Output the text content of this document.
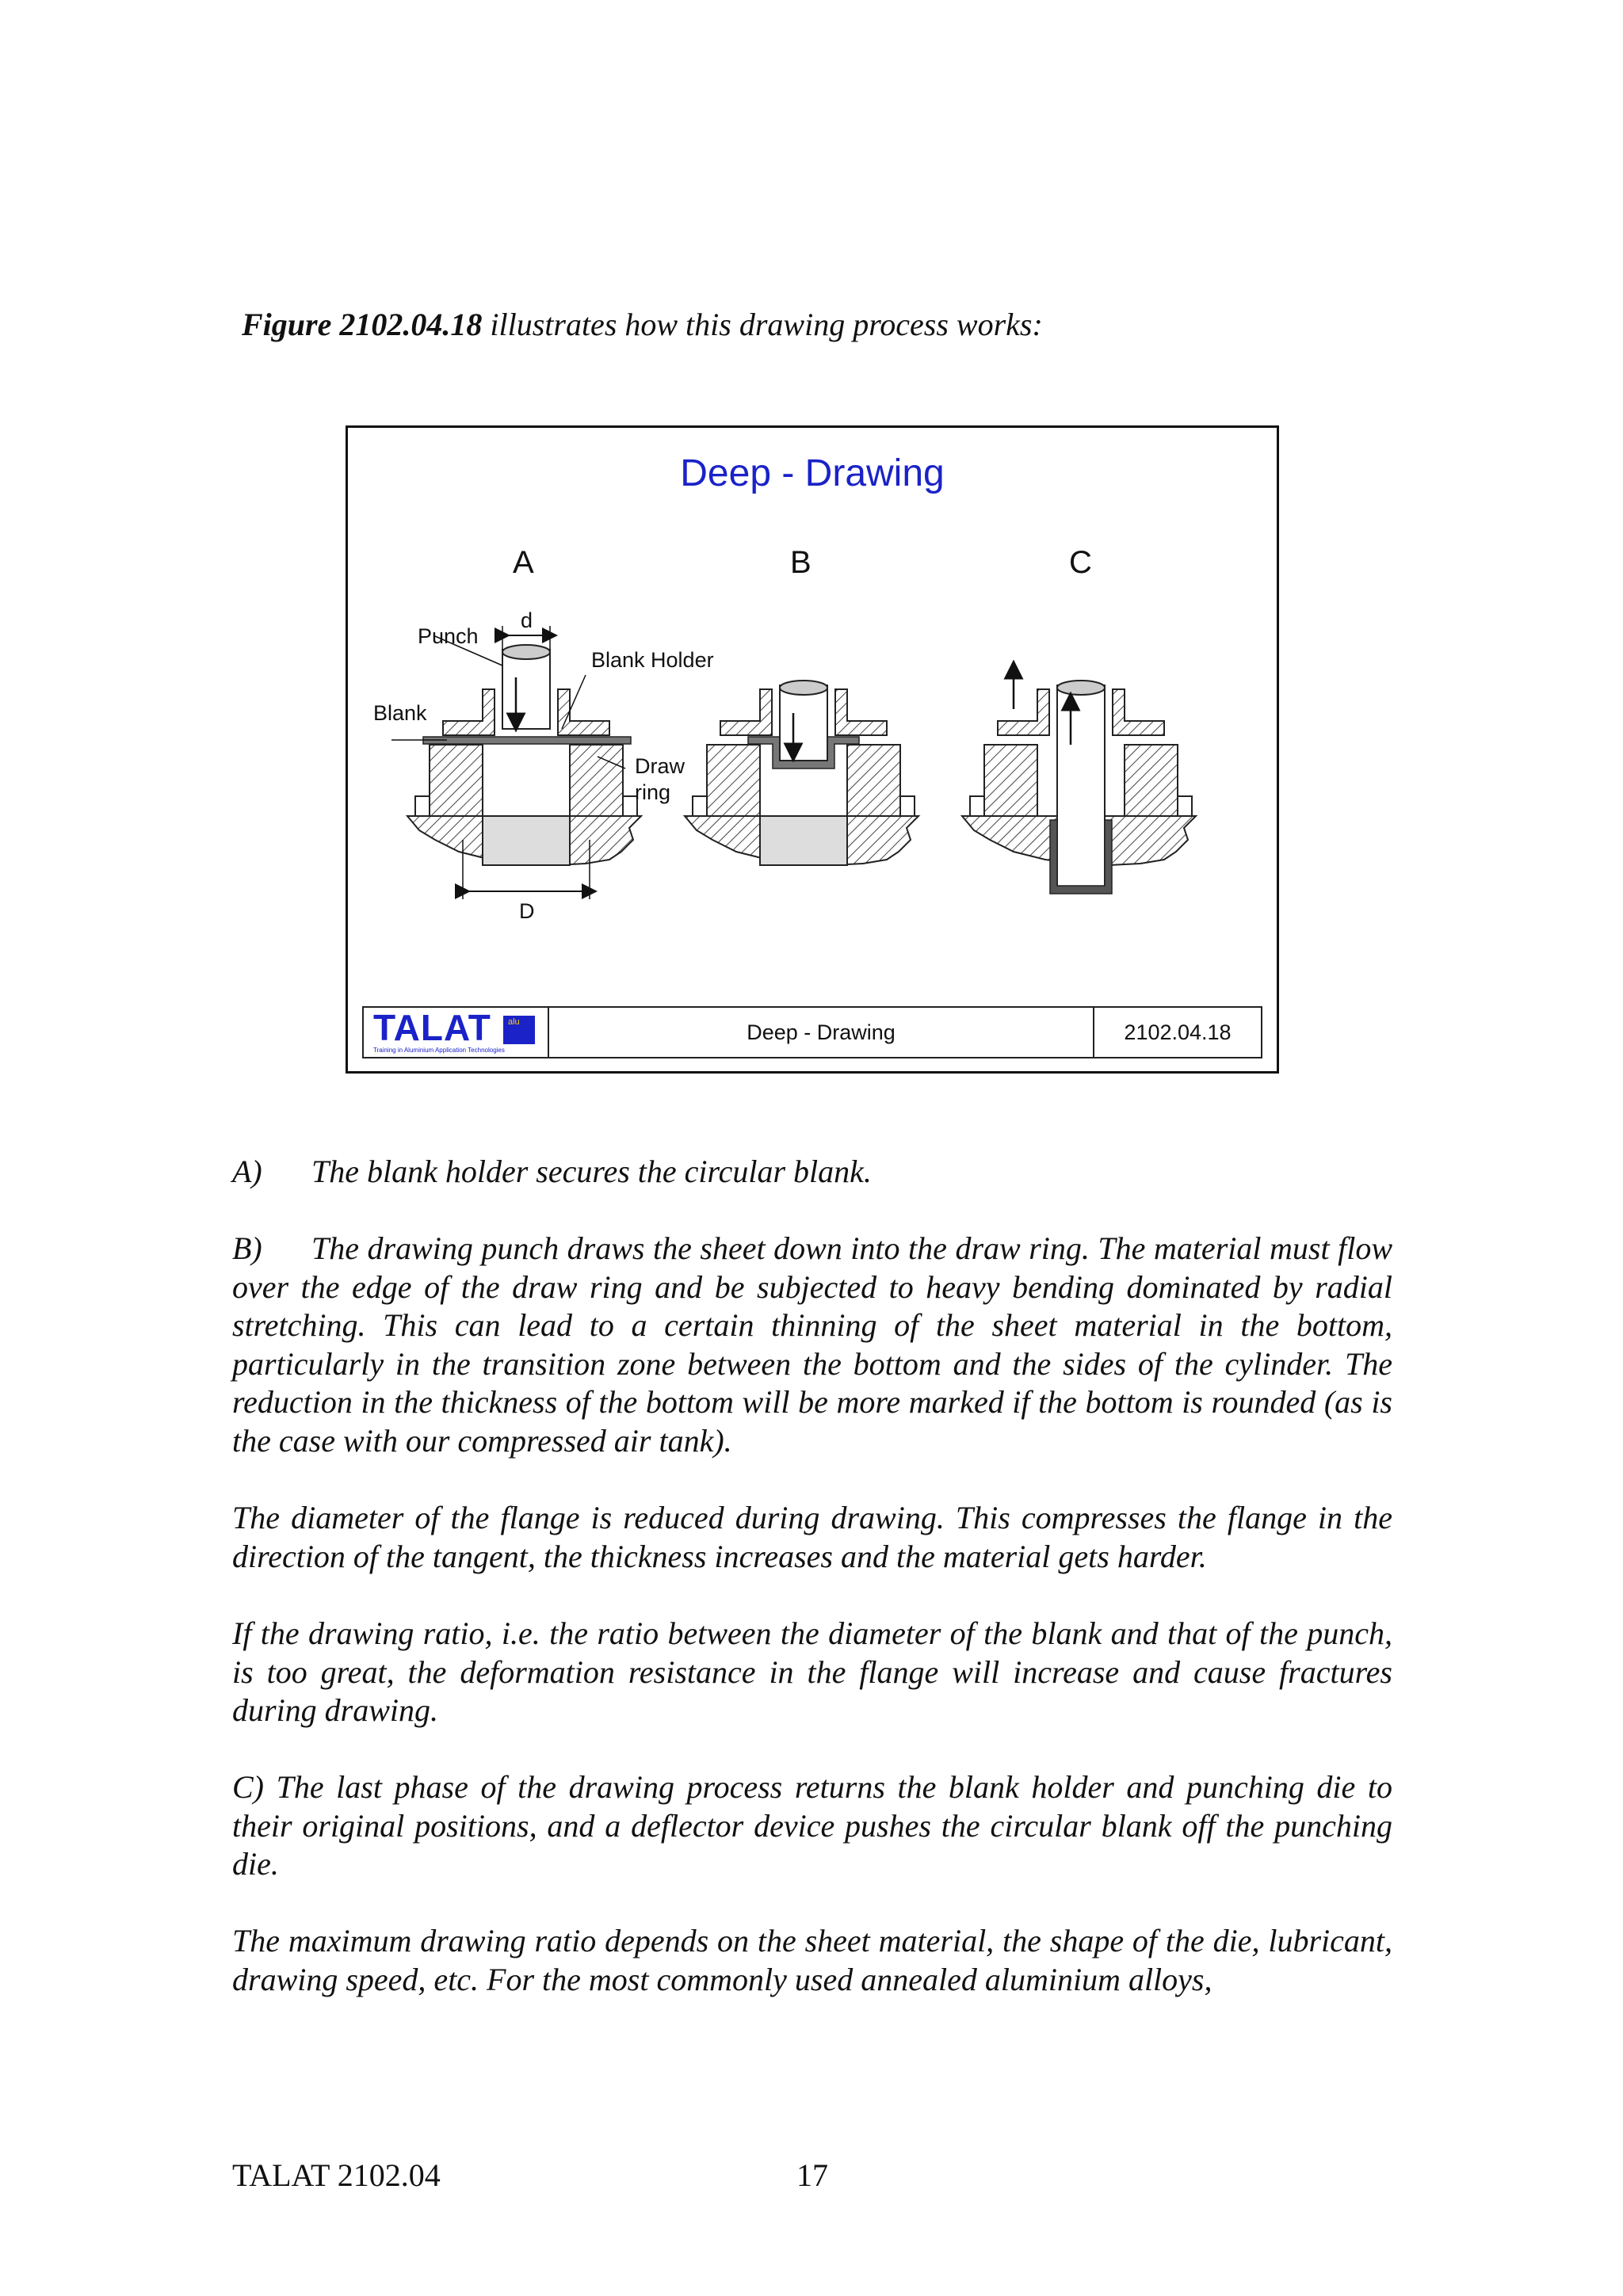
Figure 2102.04.18 illustrates how this drawing process works:
Deep - Drawing
A	B	C
Punch
d
Blank Holder
Blank
Draw
ring
D
TALAT alu
Training in Aluminium Application Technologies
Deep - Drawing	2102.04.18
A) The blank holder secures the circular blank.
B) The drawing punch draws the sheet down into the draw ring. The material must flow over the edge of the draw ring and be subjected to heavy bending dominated by radial stretching. This can lead to a certain thinning of the sheet material in the bottom, particularly in the transition zone between the bottom and the sides of the cylinder. The reduction in the thickness of the bottom will be more marked if the bottom is rounded (as is the case with our compressed air tank).
The diameter of the flange is reduced during drawing. This compresses the flange in the direction of the tangent, the thickness increases and the material gets harder.
If the drawing ratio, i.e. the ratio between the diameter of the blank and that of the punch, is too great, the deformation resistance in the flange will increase and cause fractures during drawing.
C) The last phase of the drawing process returns the blank holder and punching die to their original positions, and a deflector device pushes the circular blank off the punching die.
The maximum drawing ratio depends on the sheet material, the shape of the die, lubricant, drawing speed, etc. For the most commonly used annealed aluminium alloys,
TALAT 2102.04	17
